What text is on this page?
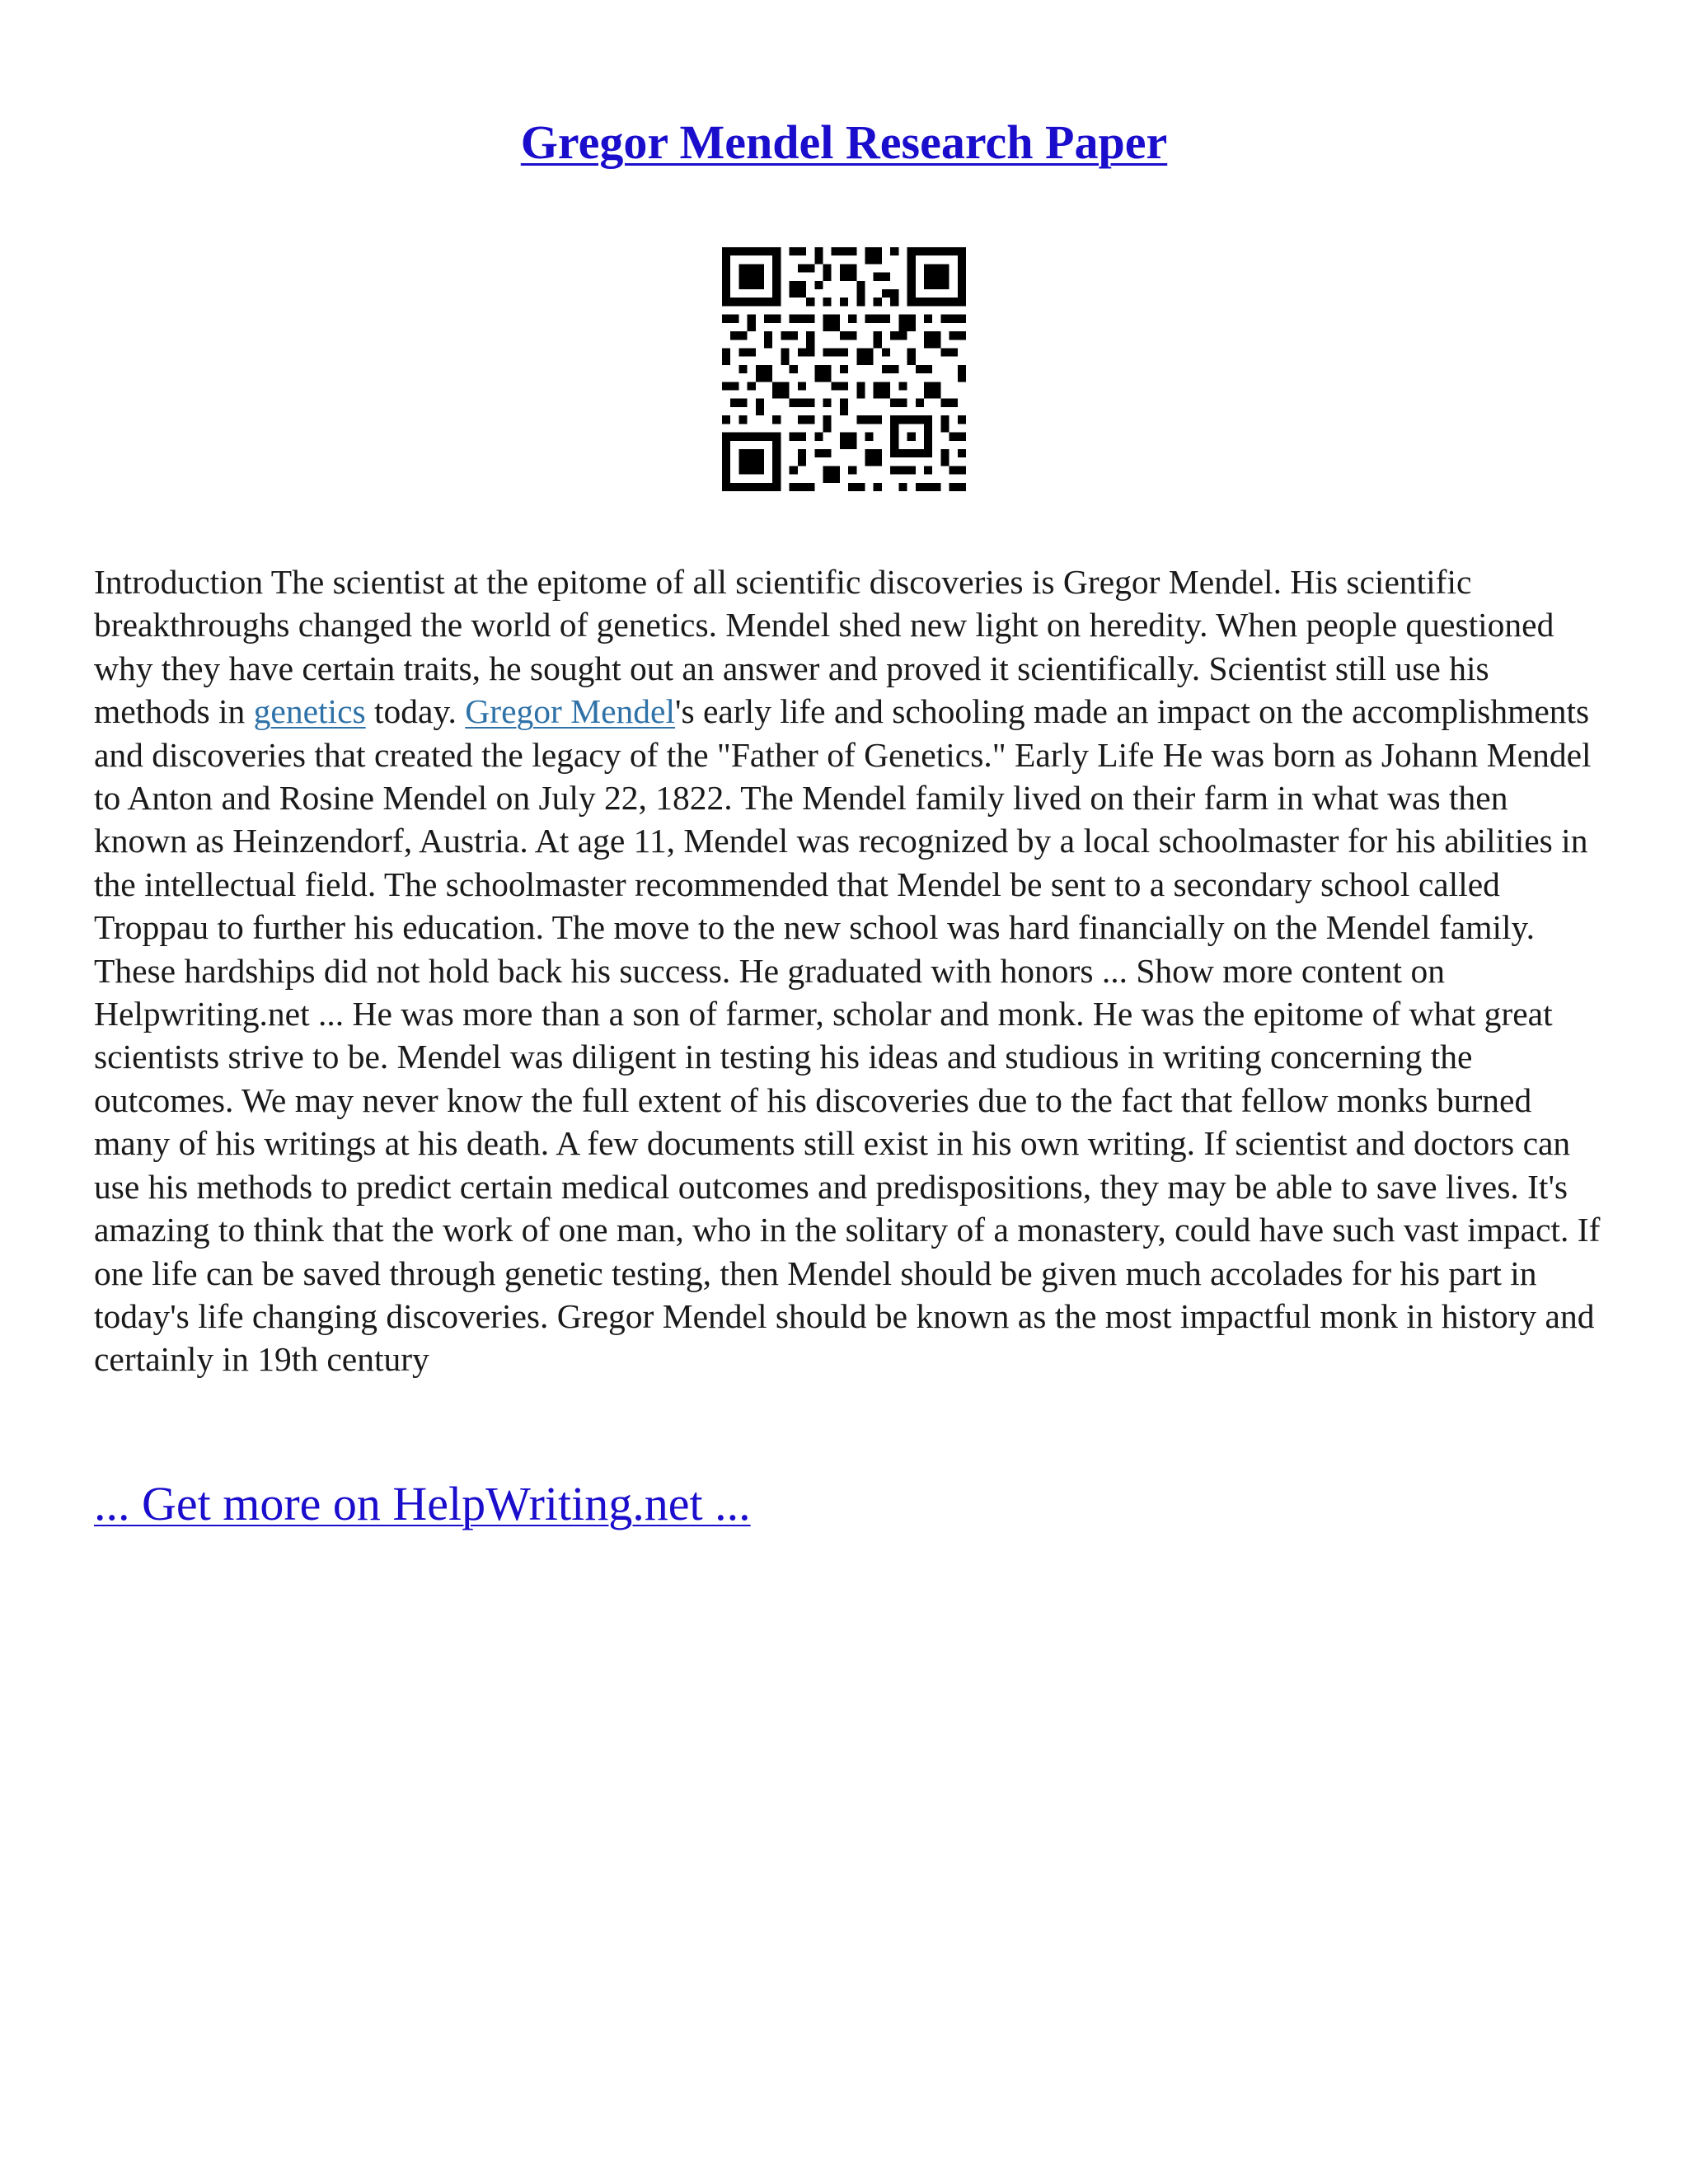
Gregor Mendel Research Paper

Introduction The scientist at the epitome of all scientific discoveries is Gregor Mendel. His scientific breakthroughs changed the world of genetics. Mendel shed new light on heredity. When people questioned why they have certain traits, he sought out an answer and proved it scientifically. Scientist still use his methods in genetics today. Gregor Mendel's early life and schooling made an impact on the accomplishments and discoveries that created the legacy of the "Father of Genetics." Early Life He was born as Johann Mendel to Anton and Rosine Mendel on July 22, 1822. The Mendel family lived on their farm in what was then known as Heinzendorf, Austria. At age 11, Mendel was recognized by a local schoolmaster for his abilities in the intellectual field. The schoolmaster recommended that Mendel be sent to a secondary school called Troppau to further his education. The move to the new school was hard financially on the Mendel family. These hardships did not hold back his success. He graduated with honors ... Show more content on Helpwriting.net ... He was more than a son of farmer, scholar and monk. He was the epitome of what great scientists strive to be. Mendel was diligent in testing his ideas and studious in writing concerning the outcomes. We may never know the full extent of his discoveries due to the fact that fellow monks burned many of his writings at his death. A few documents still exist in his own writing. If scientist and doctors can use his methods to predict certain medical outcomes and predispositions, they may be able to save lives. It's amazing to think that the work of one man, who in the solitary of a monastery, could have such vast impact. If one life can be saved through genetic testing, then Mendel should be given much accolades for his part in today's life changing discoveries. Gregor Mendel should be known as the most impactful monk in history and certainly in 19th century

... Get more on HelpWriting.net ...
